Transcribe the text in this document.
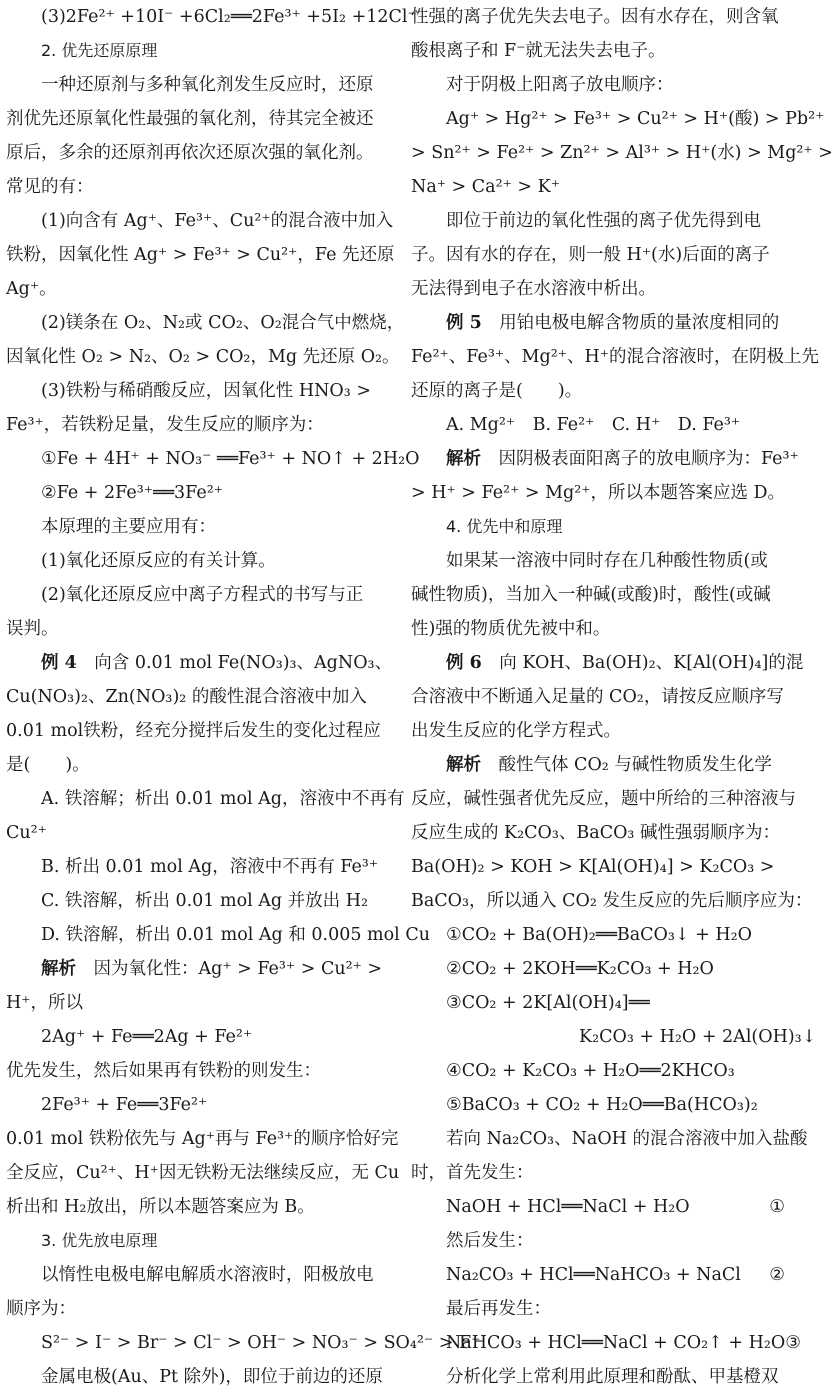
(3)2Fe²⁺ +10I⁻ +6Cl₂══2Fe³⁺ +5I₂ +12Cl⁻
2. 优先还原原理
一种还原剂与多种氧化剂发生反应时，还原
剂优先还原氧化性最强的氧化剂，待其完全被还
原后，多余的还原剂再依次还原次强的氧化剂。
常见的有：
(1)向含有 Ag⁺、Fe³⁺、Cu²⁺的混合液中加入
铁粉，因氧化性 Ag⁺ > Fe³⁺ > Cu²⁺，Fe 先还原
Ag⁺。
(2)镁条在 O₂、N₂或 CO₂、O₂混合气中燃烧，
因氧化性 O₂ > N₂、O₂ > CO₂，Mg 先还原 O₂。
(3)铁粉与稀硝酸反应，因氧化性 HNO₃ >
Fe³⁺，若铁粉足量，发生反应的顺序为：
①Fe + 4H⁺ + NO₃⁻ ══Fe³⁺ + NO↑ + 2H₂O
②Fe + 2Fe³⁺══3Fe²⁺
本原理的主要应用有：
(1)氧化还原反应的有关计算。
(2)氧化还原反应中离子方程式的书写与正
误判。
例 4　向含 0.01 mol Fe(NO₃)₃、AgNO₃、
Cu(NO₃)₂、Zn(NO₃)₂ 的酸性混合溶液中加入
0.01 mol铁粉，经充分搅拌后发生的变化过程应
是(　　)。
A. 铁溶解；析出 0.01 mol Ag，溶液中不再有
Cu²⁺
B. 析出 0.01 mol Ag，溶液中不再有 Fe³⁺
C. 铁溶解，析出 0.01 mol Ag 并放出 H₂
D. 铁溶解，析出 0.01 mol Ag 和 0.005 mol Cu
解析　因为氧化性：Ag⁺ > Fe³⁺ > Cu²⁺ >
H⁺，所以
2Ag⁺ + Fe══2Ag + Fe²⁺
优先发生，然后如果再有铁粉的则发生：
2Fe³⁺ + Fe══3Fe²⁺
0.01 mol 铁粉依先与 Ag⁺再与 Fe³⁺的顺序恰好完
全反应，Cu²⁺、H⁺因无铁粉无法继续反应，无 Cu
析出和 H₂放出，所以本题答案应为 B。
3. 优先放电原理
以惰性电极电解电解质水溶液时，阳极放电
顺序为：
S²⁻ > I⁻ > Br⁻ > Cl⁻ > OH⁻ > NO₃⁻ > SO₄²⁻ > F⁻
金属电极(Au、Pt 除外)，即位于前边的还原
性强的离子优先失去电子。因有水存在，则含氧
酸根离子和 F⁻就无法失去电子。
对于阴极上阳离子放电顺序：
Ag⁺ > Hg²⁺ > Fe³⁺ > Cu²⁺ > H⁺(酸) > Pb²⁺
> Sn²⁺ > Fe²⁺ > Zn²⁺ > Al³⁺ > H⁺(水) > Mg²⁺ >
Na⁺ > Ca²⁺ > K⁺
即位于前边的氧化性强的离子优先得到电
子。因有水的存在，则一般 H⁺(水)后面的离子
无法得到电子在水溶液中析出。
例 5　用铂电极电解含物质的量浓度相同的
Fe²⁺、Fe³⁺、Mg²⁺、H⁺的混合溶液时，在阴极上先
还原的离子是(　　)。
A. Mg²⁺　B. Fe²⁺　C. H⁺　D. Fe³⁺
解析　因阴极表面阳离子的放电顺序为：Fe³⁺
> H⁺ > Fe²⁺ > Mg²⁺，所以本题答案应选 D。
4. 优先中和原理
如果某一溶液中同时存在几种酸性物质(或
碱性物质)，当加入一种碱(或酸)时，酸性(或碱
性)强的物质优先被中和。
例 6　向 KOH、Ba(OH)₂、K[Al(OH)₄]的混
合溶液中不断通入足量的 CO₂，请按反应顺序写
出发生反应的化学方程式。
解析　酸性气体 CO₂ 与碱性物质发生化学
反应，碱性强者优先反应，题中所给的三种溶液与
反应生成的 K₂CO₃、BaCO₃ 碱性强弱顺序为：
Ba(OH)₂ > KOH > K[Al(OH)₄] > K₂CO₃ >
BaCO₃，所以通入 CO₂ 发生反应的先后顺序应为：
①CO₂ + Ba(OH)₂══BaCO₃↓ + H₂O
②CO₂ + 2KOH══K₂CO₃ + H₂O
③CO₂ + 2K[Al(OH)₄]══
K₂CO₃ + H₂O + 2Al(OH)₃↓
④CO₂ + K₂CO₃ + H₂O══2KHCO₃
⑤BaCO₃ + CO₂ + H₂O══Ba(HCO₃)₂
若向 Na₂CO₃、NaOH 的混合溶液中加入盐酸
时，首先发生：
NaOH + HCl══NaCl + H₂O	①
然后发生：
Na₂CO₃ + HCl══NaHCO₃ + NaCl ②
最后再发生：
NaHCO₃ + HCl══NaCl + CO₂↑ + H₂O ③
分析化学上常利用此原理和酚酞、甲基橙双
